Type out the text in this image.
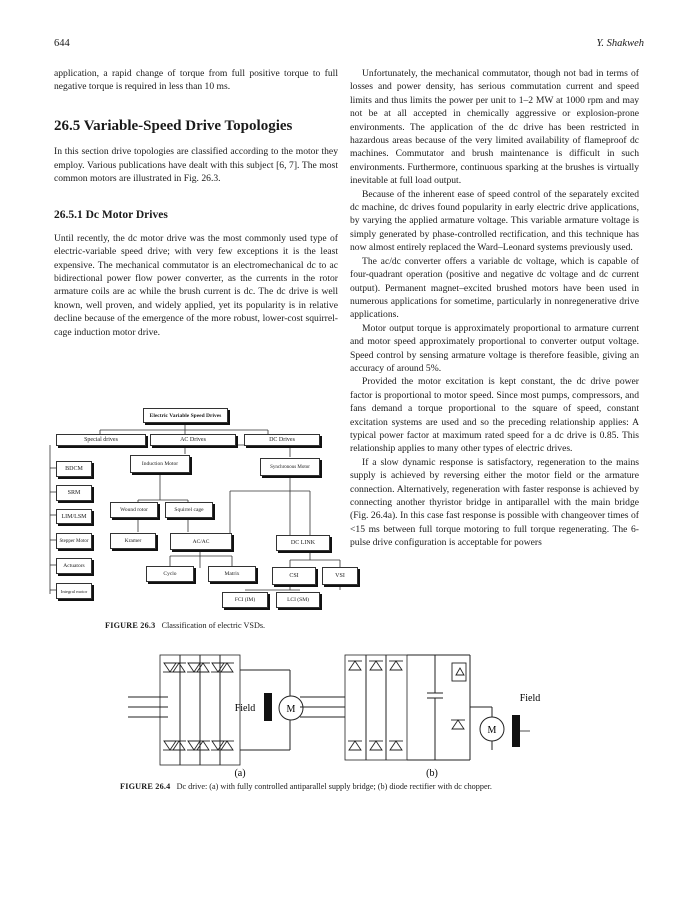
644	Y. Shakweh

application, a rapid change of torque from full positive torque to full negative torque is required in less than 10 ms.

26.5 Variable-Speed Drive Topologies

In this section drive topologies are classified according to the motor they employ. Various publications have dealt with this subject [6, 7]. The most common motors are illustrated in Fig. 26.3.

26.5.1 Dc Motor Drives

Until recently, the dc motor drive was the most commonly used type of electric-variable speed drive; with very few exceptions it is the least expensive. The mechanical commutator is an electromechanical dc to ac bidirectional power flow power converter, as the currents in the rotor armature coils are ac while the brush current is dc. The dc drive is well known, well proven, and widely applied, yet its popularity is in relative decline because of the emergence of the more robust, lower-cost squirrel-cage induction motor drive.

Electric Variable Speed Drives
Special drives	AC Drives	DC Drives
Induction Motor	Synchronous Motor
BDCM
SRM
LIM/LSM
Stepper Motor
Actuators
Integral motor
Wound rotor	Squirrel cage
Kramer	AC/AC	DC LINK
Cyclo	Matrix	CSI	VSI
FCI (IM)	LCI (SM)
FIGURE 26.3 Classification of electric VSDs.

Unfortunately, the mechanical commutator, though not bad in terms of losses and power density, has serious commutation current and speed limits and thus limits the power per unit to 1–2 MW at 1000 rpm and may not be at all accepted in chemically aggressive or explosion-prone environments. The application of the dc drive has been restricted in hazardous areas because of the very limited availability of flameproof dc machines. Commutator and brush maintenance is difficult in such environments. Furthermore, continuous sparking at the brushes is virtually inevitable at full load output.

Because of the inherent ease of speed control of the separately excited dc machine, dc drives found popularity in early electric drive applications, by varying the applied armature voltage. This variable armature voltage is simply generated by phase-controlled rectification, and this technique has now almost entirely replaced the Ward–Leonard systems previously used.

The ac/dc converter offers a variable dc voltage, which is capable of four-quadrant operation (positive and negative dc voltage and dc current output). Permanent magnet–excited brushed motors have been used in numerous applications for sometime, particularly in nonregenerative drive applications.

Motor output torque is approximately proportional to armature current and motor speed approximately proportional to converter output voltage. Speed control by sensing armature voltage is therefore feasible, giving an accuracy of around 5%.

Provided the motor excitation is kept constant, the dc drive power factor is proportional to motor speed. Since most pumps, compressors, and fans demand a torque proportional to the square of speed, constant excitation systems are used and so the preceding relationship applies: A typical power factor at maximum rated speed for a dc drive is 0.85. This relationship applies to many other types of electric drives.

If a slow dynamic response is satisfactory, regeneration to the mains supply is achieved by reversing either the motor field or the armature connection. Alternatively, regeneration with faster response is achieved by connecting another thyristor bridge in antiparallel with the main bridge (Fig. 26.4a). In this case fast response is possible with changeover times of <15 ms between full torque motoring to full torque regenerating. The 6-pulse drive configuration is acceptable for powers

Field	M
(a)
Field
M
(b)
FIGURE 26.4 Dc drive: (a) with fully controlled antiparallel supply bridge; (b) diode rectifier with dc chopper.
